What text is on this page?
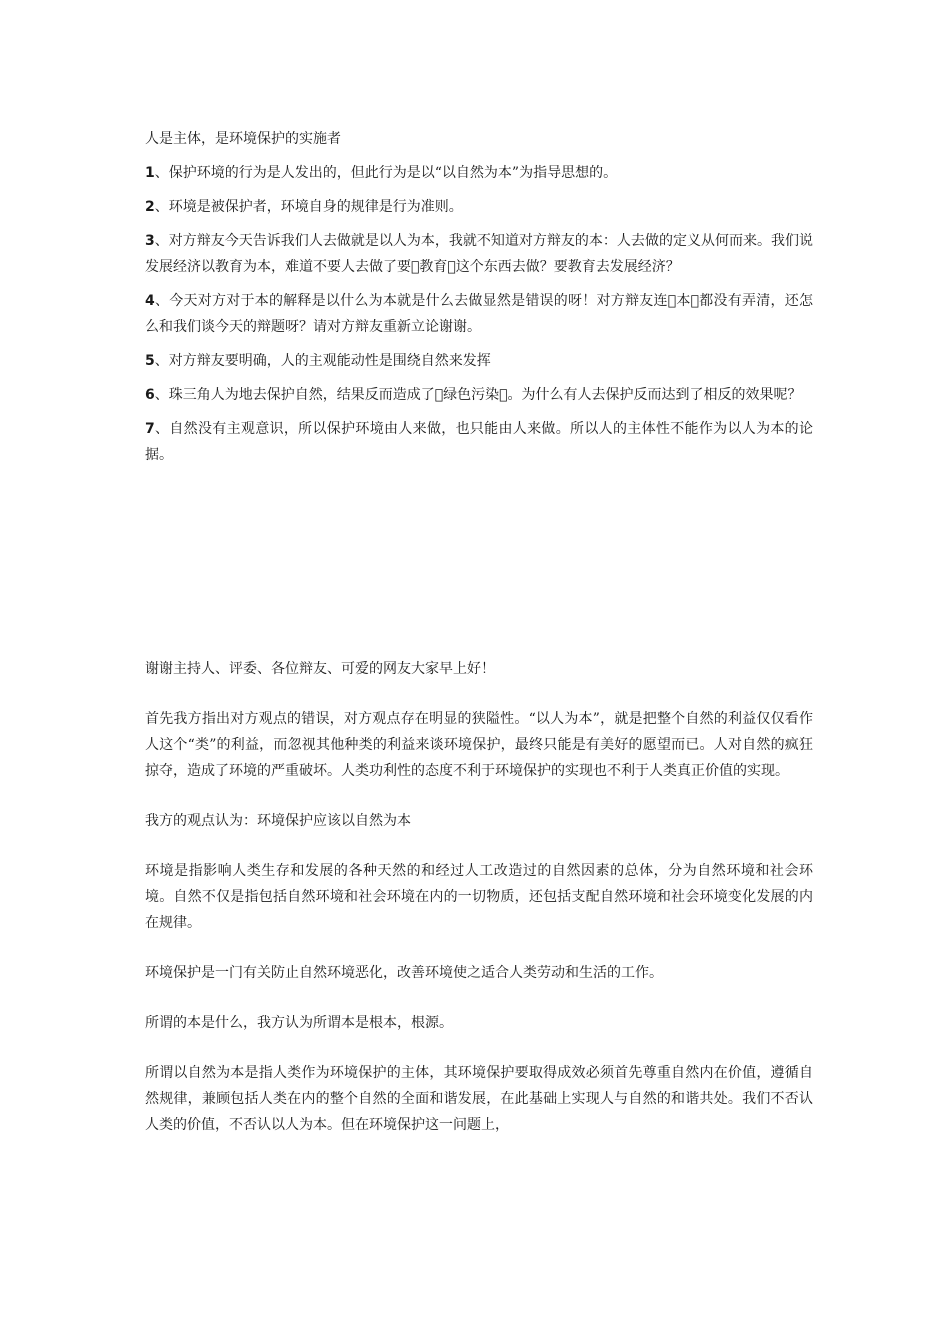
人是主体，是环境保护的实施者

1、保护环境的行为是人发出的，但此行为是以“以自然为本”为指导思想的。

2、环境是被保护者，环境自身的规律是行为准则。

3、对方辩友今天告诉我们人去做就是以人为本，我就不知道对方辩友的本：人去做的定义从何而来。我们说发展经济以教育为本，难道不要人去做了要 教育 这个东西去做？要教育去发展经济？

4、今天对方对于本的解释是以什么为本就是什么去做显然是错误的呀！对方辩友连 本 都没有弄清，还怎么和我们谈今天的辩题呀？请对方辩友重新立论谢谢。

5、对方辩友要明确，人的主观能动性是围绕自然来发挥

6、珠三角人为地去保护自然，结果反而造成了 绿色污染 。为什么有人去保护反而达到了相反的效果呢？

7、自然没有主观意识，所以保护环境由人来做，也只能由人来做。所以人的主体性不能作为以人为本的论据。

谢谢主持人、评委、各位辩友、可爱的网友大家早上好！

首先我方指出对方观点的错误，对方观点存在明显的狭隘性。“以人为本”，就是把整个自然的利益仅仅看作人这个“类”的利益，而忽视其他种类的利益来谈环境保护，最终只能是有美好的愿望而已。人对自然的疯狂掠夺，造成了环境的严重破坏。人类功利性的态度不利于环境保护的实现也不利于人类真正价值的实现。

我方的观点认为：环境保护应该以自然为本

环境是指影响人类生存和发展的各种天然的和经过人工改造过的自然因素的总体，分为自然环境和社会环境。自然不仅是指包括自然环境和社会环境在内的一切物质，还包括支配自然环境和社会环境变化发展的内在规律。

环境保护是一门有关防止自然环境恶化，改善环境使之适合人类劳动和生活的工作。

所谓的本是什么，我方认为所谓本是根本，根源。

所谓以自然为本是指人类作为环境保护的主体，其环境保护要取得成效必须首先尊重自然内在价值，遵循自然规律，兼顾包括人类在内的整个自然的全面和谐发展，在此基础上实现人与自然的和谐共处。我们不否认人类的价值，不否认以人为本。但在环境保护这一问题上，
